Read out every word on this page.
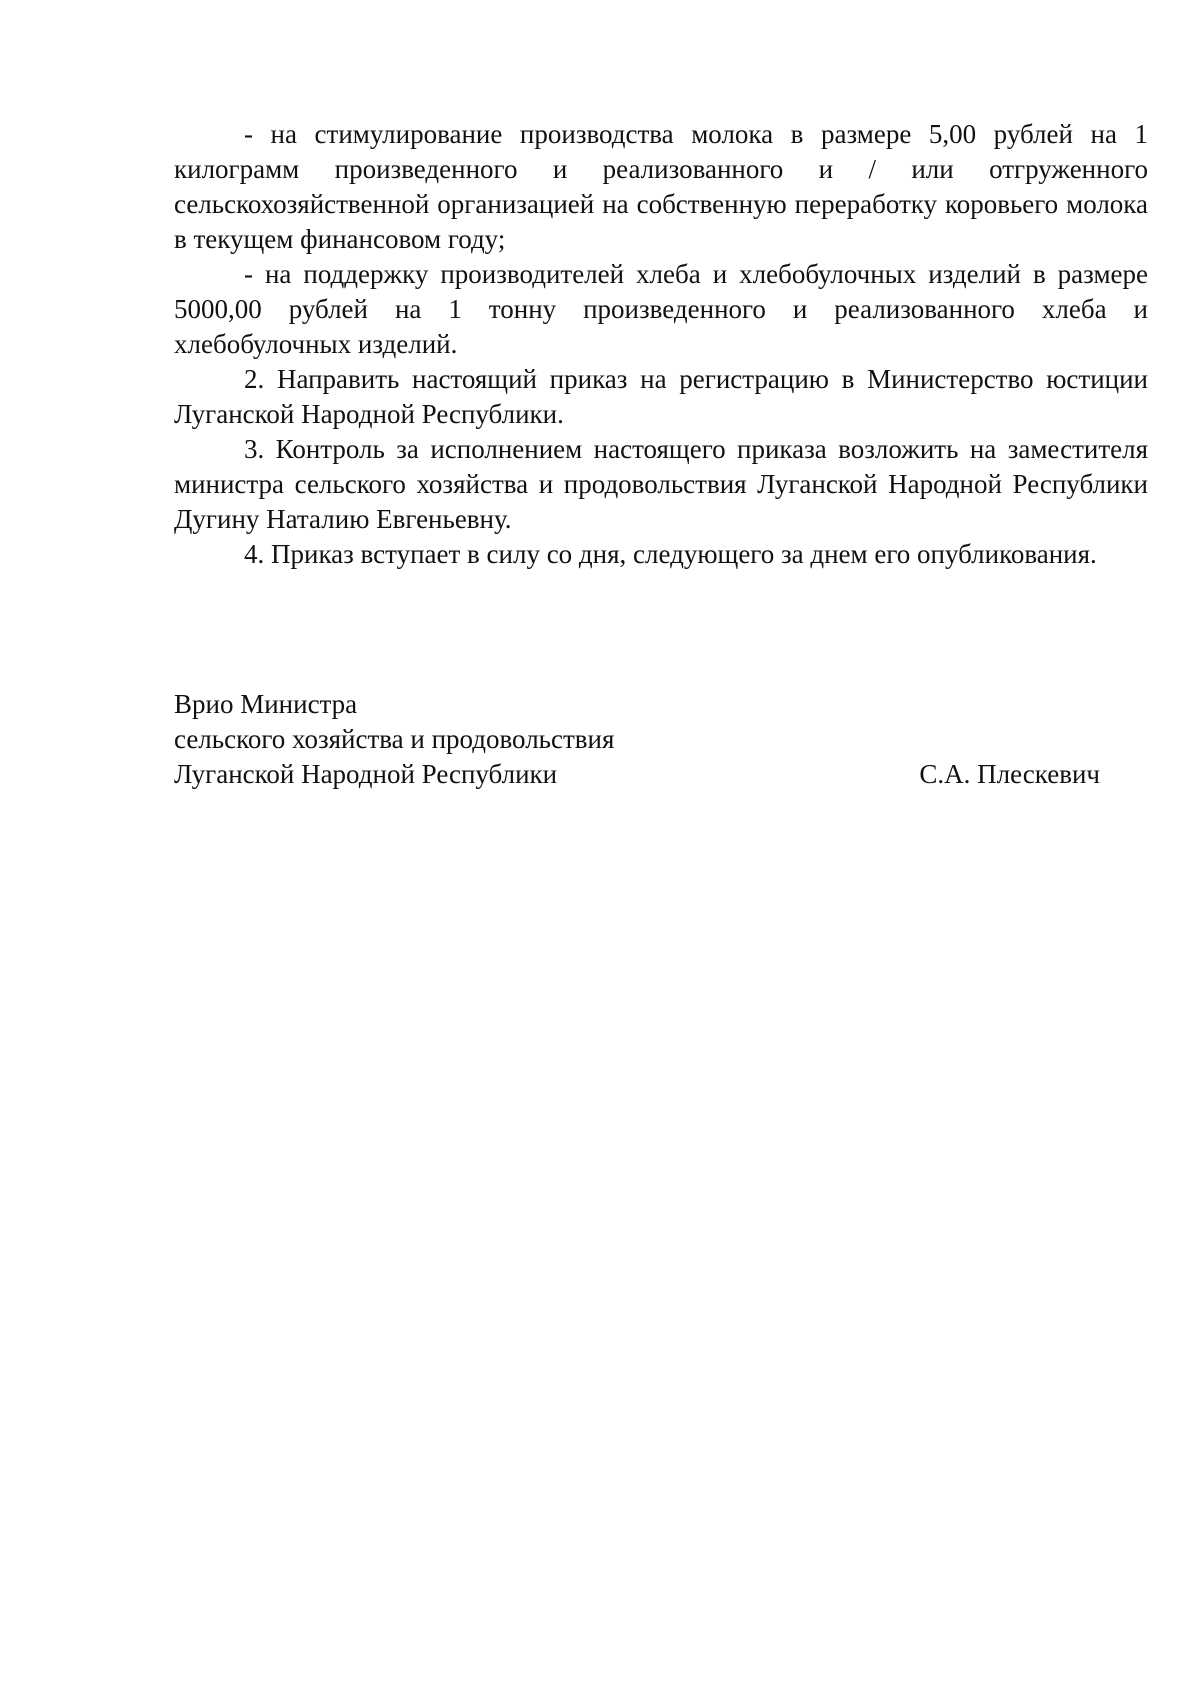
- на стимулирование производства молока в размере 5,00 рублей на 1 килограмм произведенного и реализованного и / или отгруженного сельскохозяйственной организацией на собственную переработку коровьего молока в текущем финансовом году;

- на поддержку производителей хлеба и хлебобулочных изделий в размере 5000,00 рублей на 1 тонну произведенного и реализованного хлеба и хлебобулочных изделий.

2. Направить настоящий приказ на регистрацию в Министерство юстиции Луганской Народной Республики.

3. Контроль за исполнением настоящего приказа возложить на заместителя министра сельского хозяйства и продовольствия Луганской Народной Республики Дугину Наталию Евгеньевну.

4. Приказ вступает в силу со дня, следующего за днем его опубликования.

Врио Министра
сельского хозяйства и продовольствия
Луганской Народной Республики	С.А. Плескевич
